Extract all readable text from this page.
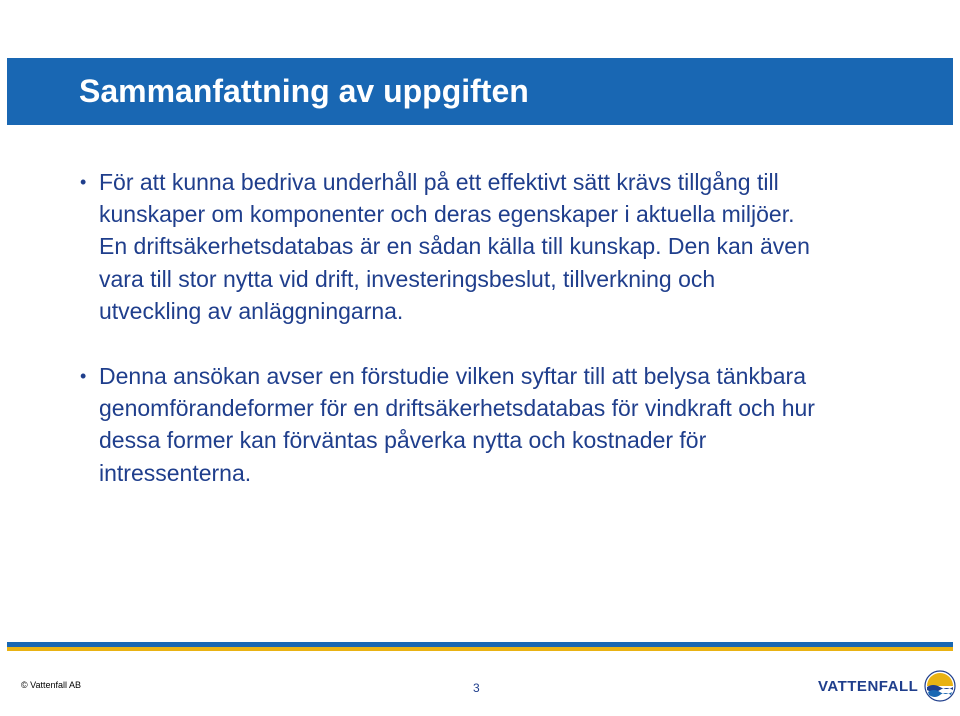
Sammanfattning av uppgiften
• För att kunna bedriva underhåll på ett effektivt sätt krävs tillgång till kunskaper om komponenter och deras egenskaper i aktuella miljöer. En driftsäkerhetsdatabas är en sådan källa till kunskap. Den kan även vara till stor nytta vid drift, investeringsbeslut, tillverkning och utveckling av anläggningarna.
• Denna ansökan avser en förstudie vilken syftar till att belysa tänkbara genomförandeformer för en driftsäkerhetsdatabas för vindkraft och hur dessa former kan förväntas påverka nytta och kostnader för intressenterna.
© Vattenfall AB	3	VATTENFALL
